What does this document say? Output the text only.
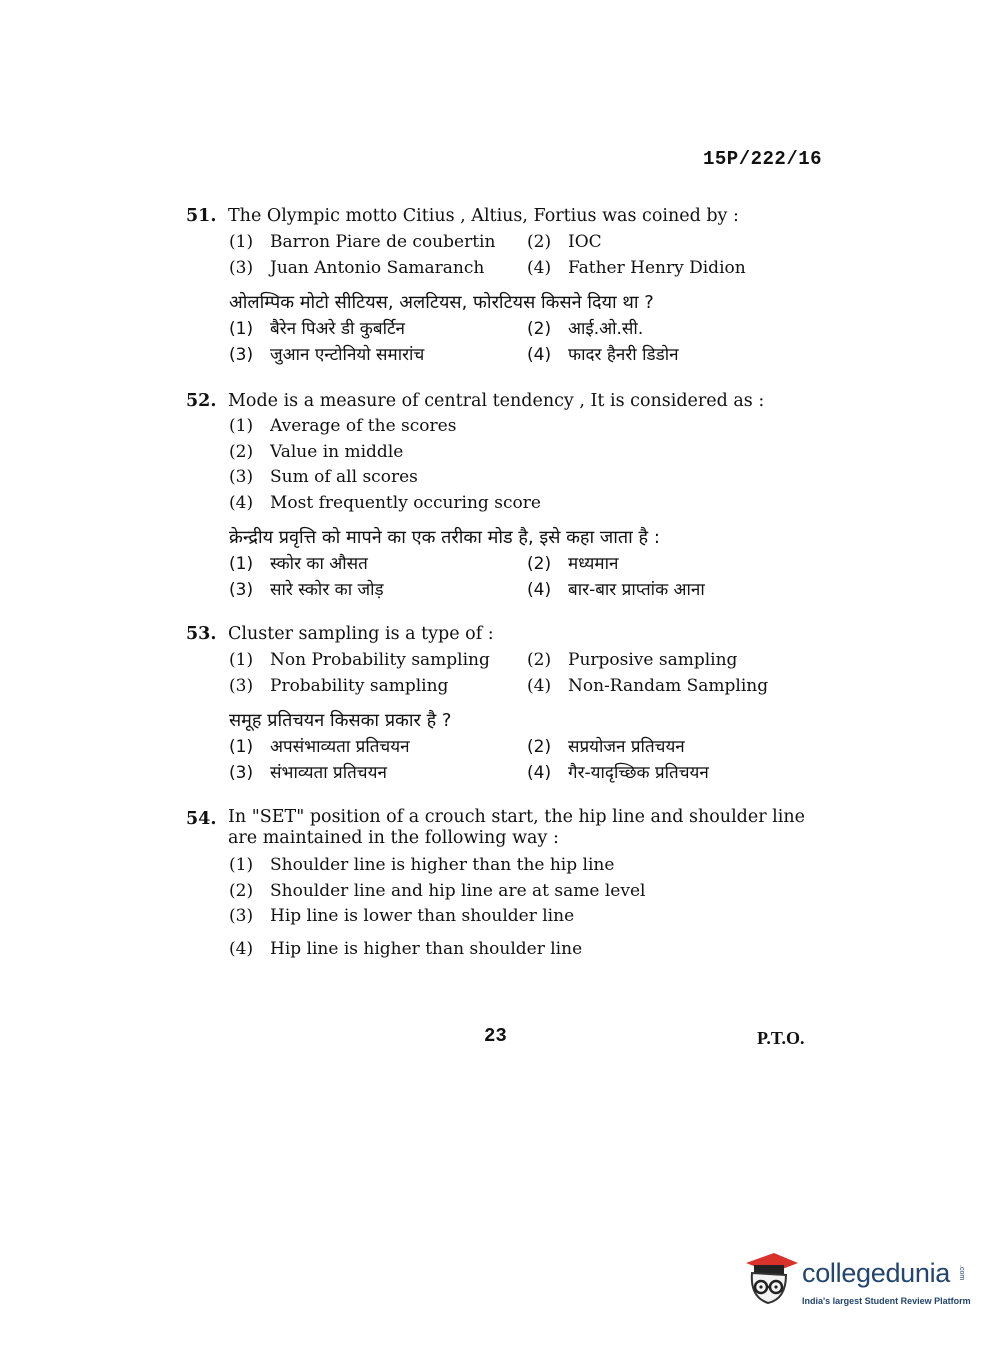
15P/222/16
51. The Olympic motto Citius , Altius, Fortius was coined by :
(1) Barron Piare de coubertin (2) IOC
(3) Juan Antonio Samaranch	(4) Father Henry Didion
ओलम्पिक मोटो सीटियस, अलटियस, फोरटियस किसने दिया था ?
(1) बैरेन पिअरे डी कुबर्टिन	(2) आई.ओ.सी.
(3) जुआन एन्टोनियो समारांच	(4) फादर हैनरी डिडोन
52. Mode is a measure of central tendency , It is considered as :
(1) Average of the scores
(2) Value in middle
(3) Sum of all scores
(4) Most frequently occuring score
क्रेन्द्रीय प्रवृत्ति को मापने का एक तरीका मोड है, इसे कहा जाता है :
(1) स्कोर का औसत	(2) मध्यमान
(3) सारे स्कोर का जोड़	(4) बार-बार प्राप्तांक आना
53. Cluster sampling is a type of :
(1) Non Probability sampling (2) Purposive sampling
(3) Probability sampling	(4) Non-Randam Sampling
समूह प्रतिचयन किसका प्रकार है ?
(1) अपसंभाव्यता प्रतिचयन	(2) सप्रयोजन प्रतिचयन
(3) संभाव्यता प्रतिचयन	(4) गैर-यादृच्छिक प्रतिचयन
54. In "SET" position of a crouch start, the hip line and shoulder line are maintained in the following way :
(1) Shoulder line is higher than the hip line
(2) Shoulder line and hip line are at same level
(3) Hip line is lower than shoulder line
(4) Hip line is higher than shoulder line
23	P.T.O.
collegedunia .com
India's largest Student Review Platform
